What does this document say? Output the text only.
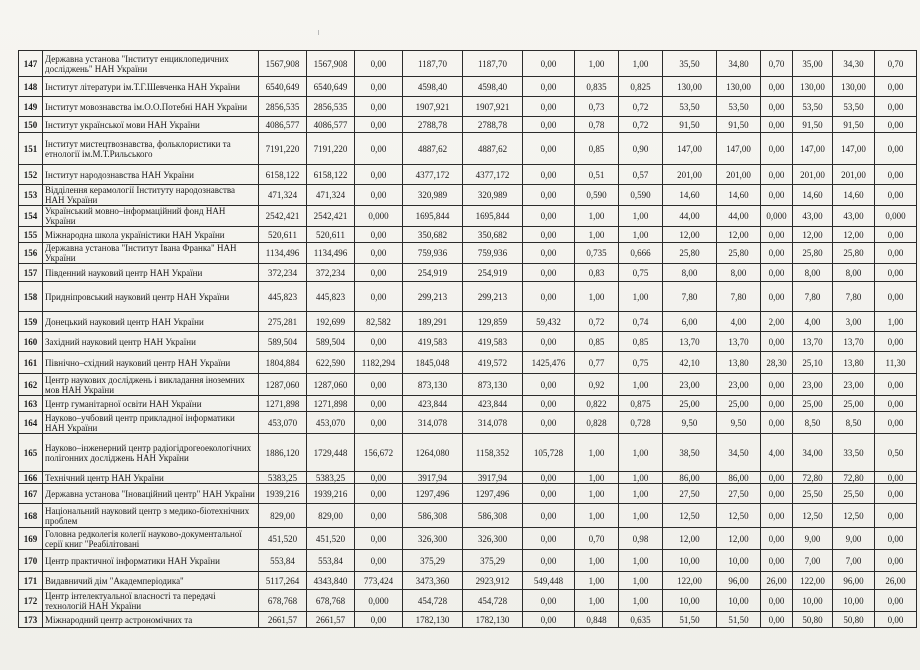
147	Державна установа "Інститут енциклопедичних досліджень" НАН України	1567,908	1567,908	0,00	1187,70	1187,70	0,00	1,00	1,00	35,50	34,80	0,70	35,00	34,30	0,70
148	Інститут літератури ім.Т.Г.Шевченка НАН України	6540,649	6540,649	0,00	4598,40	4598,40	0,00	0,835	0,825	130,00	130,00	0,00	130,00	130,00	0,00
149	Інститут мовознавства ім.О.О.Потебні НАН України	2856,535	2856,535	0,00	1907,921	1907,921	0,00	0,73	0,72	53,50	53,50	0,00	53,50	53,50	0,00
150	Інститут української мови НАН України	4086,577	4086,577	0,00	2788,78	2788,78	0,00	0,78	0,72	91,50	91,50	0,00	91,50	91,50	0,00
151	Інститут мистецтвознавства, фольклористики та етнології ім.М.Т.Рильського	7191,220	7191,220	0,00	4887,62	4887,62	0,00	0,85	0,90	147,00	147,00	0,00	147,00	147,00	0,00
152	Інститут народознавства НАН України	6158,122	6158,122	0,00	4377,172	4377,172	0,00	0,51	0,57	201,00	201,00	0,00	201,00	201,00	0,00
153	Відділення керамології Інституту народознавства НАН України	471,324	471,324	0,00	320,989	320,989	0,00	0,590	0,590	14,60	14,60	0,00	14,60	14,60	0,00
154	Український мовно–інформаційний фонд НАН України	2542,421	2542,421	0,000	1695,844	1695,844	0,00	1,00	1,00	44,00	44,00	0,000	43,00	43,00	0,000
155	Міжнародна школа україністики НАН України	520,611	520,611	0,00	350,682	350,682	0,00	1,00	1,00	12,00	12,00	0,00	12,00	12,00	0,00
156	Державна установа "Інститут Івана Франка" НАН України	1134,496	1134,496	0,00	759,936	759,936	0,00	0,735	0,666	25,80	25,80	0,00	25,80	25,80	0,00
157	Південний науковий центр НАН України	372,234	372,234	0,00	254,919	254,919	0,00	0,83	0,75	8,00	8,00	0,00	8,00	8,00	0,00
158	Придніпровський науковий центр НАН України	445,823	445,823	0,00	299,213	299,213	0,00	1,00	1,00	7,80	7,80	0,00	7,80	7,80	0,00
159	Донецький науковий центр НАН України	275,281	192,699	82,582	189,291	129,859	59,432	0,72	0,74	6,00	4,00	2,00	4,00	3,00	1,00
160	Західний науковий центр НАН України	589,504	589,504	0,00	419,583	419,583	0,00	0,85	0,85	13,70	13,70	0,00	13,70	13,70	0,00
161	Північно–східний науковий центр НАН України	1804,884	622,590	1182,294	1845,048	419,572	1425,476	0,77	0,75	42,10	13,80	28,30	25,10	13,80	11,30
162	Центр наукових досліджень і викладання іноземних мов НАН України	1287,060	1287,060	0,00	873,130	873,130	0,00	0,92	1,00	23,00	23,00	0,00	23,00	23,00	0,00
163	Центр гуманітарної освіти НАН України	1271,898	1271,898	0,00	423,844	423,844	0,00	0,822	0,875	25,00	25,00	0,00	25,00	25,00	0,00
164	Науково–учбовий центр прикладної інформатики НАН України	453,070	453,070	0,00	314,078	314,078	0,00	0,828	0,728	9,50	9,50	0,00	8,50	8,50	0,00
165	Науково–інженерний центр радіогідрогеоекологічних полігонних досліджень НАН України	1886,120	1729,448	156,672	1264,080	1158,352	105,728	1,00	1,00	38,50	34,50	4,00	34,00	33,50	0,50
166	Технічний центр НАН України	5383,25	5383,25	0,00	3917,94	3917,94	0,00	1,00	1,00	86,00	86,00	0,00	72,80	72,80	0,00
167	Державна установа "Іноваційний центр" НАН України	1939,216	1939,216	0,00	1297,496	1297,496	0,00	1,00	1,00	27,50	27,50	0,00	25,50	25,50	0,00
168	Національний науковий центр з медико-біотехнічних проблем	829,00	829,00	0,00	586,308	586,308	0,00	1,00	1,00	12,50	12,50	0,00	12,50	12,50	0,00
169	Головна редколегія колегії науково-документальної серії книг "Реабілітовані	451,520	451,520	0,00	326,300	326,300	0,00	0,70	0,98	12,00	12,00	0,00	9,00	9,00	0,00
170	Центр практичної інформатики НАН України	553,84	553,84	0,00	375,29	375,29	0,00	1,00	1,00	10,00	10,00	0,00	7,00	7,00	0,00
171	Видавничий дім "Академперіодика"	5117,264	4343,840	773,424	3473,360	2923,912	549,448	1,00	1,00	122,00	96,00	26,00	122,00	96,00	26,00
172	Центр інтелектуальної власності та передачі технологій НАН України	678,768	678,768	0,000	454,728	454,728	0,00	1,00	1,00	10,00	10,00	0,00	10,00	10,00	0,00
173	Міжнародний центр астрономічних та	2661,57	2661,57	0,00	1782,130	1782,130	0,00	0,848	0,635	51,50	51,50	0,00	50,80	50,80	0,00
